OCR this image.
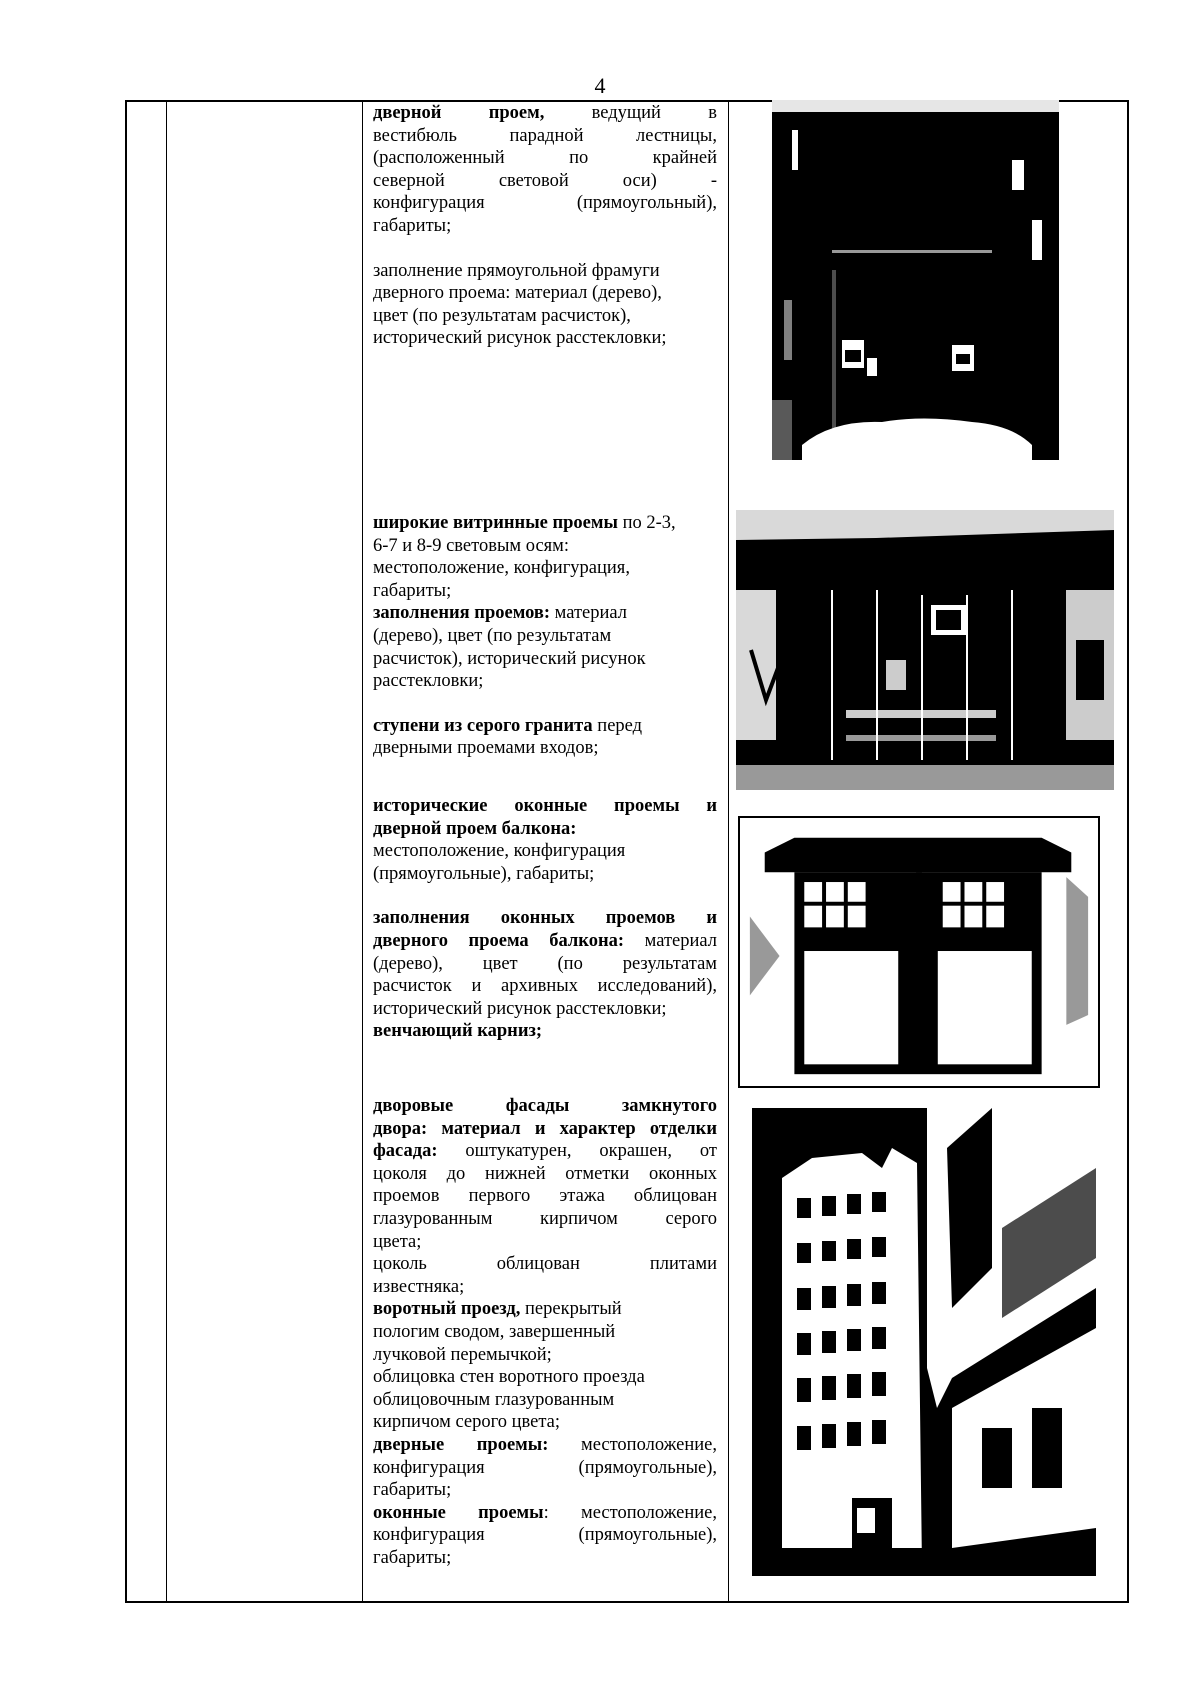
4

дверной проем, ведущий в

вестибюль парадной лестницы,

(расположенный по крайней

северной световой оси) -

конфигурация (прямоугольный),

габариты;

заполнение прямоугольной фрамуги

дверного проема: материал (дерево),

цвет (по результатам расчисток),

исторический рисунок расстекловки;

широкие витринные проемы по 2-3,

6-7 и 8-9 световым осям:

местоположение, конфигурация,

габариты;

заполнения проемов: материал

(дерево), цвет (по результатам

расчисток), исторический рисунок

расстекловки;

ступени из серого гранита перед

дверными проемами входов;

исторические оконные проемы и

дверной проем балкона:

местоположение, конфигурация

(прямоугольные), габариты;

заполнения оконных проемов и

дверного проема балкона: материал

(дерево), цвет (по результатам

расчисток и архивных исследований),

исторический рисунок расстекловки;

венчающий карниз;

дворовые фасады замкнутого

двора: материал и характер отделки

фасада: оштукатурен, окрашен, от

цоколя до нижней отметки оконных

проемов первого этажа облицован

глазурованным кирпичом серого

цвета;

цоколь облицован плитами

известняка;

воротный проезд, перекрытый

пологим сводом, завершенный

лучковой перемычкой;

облицовка стен воротного проезда

облицовочным глазурованным

кирпичом серого цвета;

дверные проемы: местоположение,

конфигурация (прямоугольные),

габариты;

оконные проемы: местоположение,

конфигурация (прямоугольные),

габариты;
